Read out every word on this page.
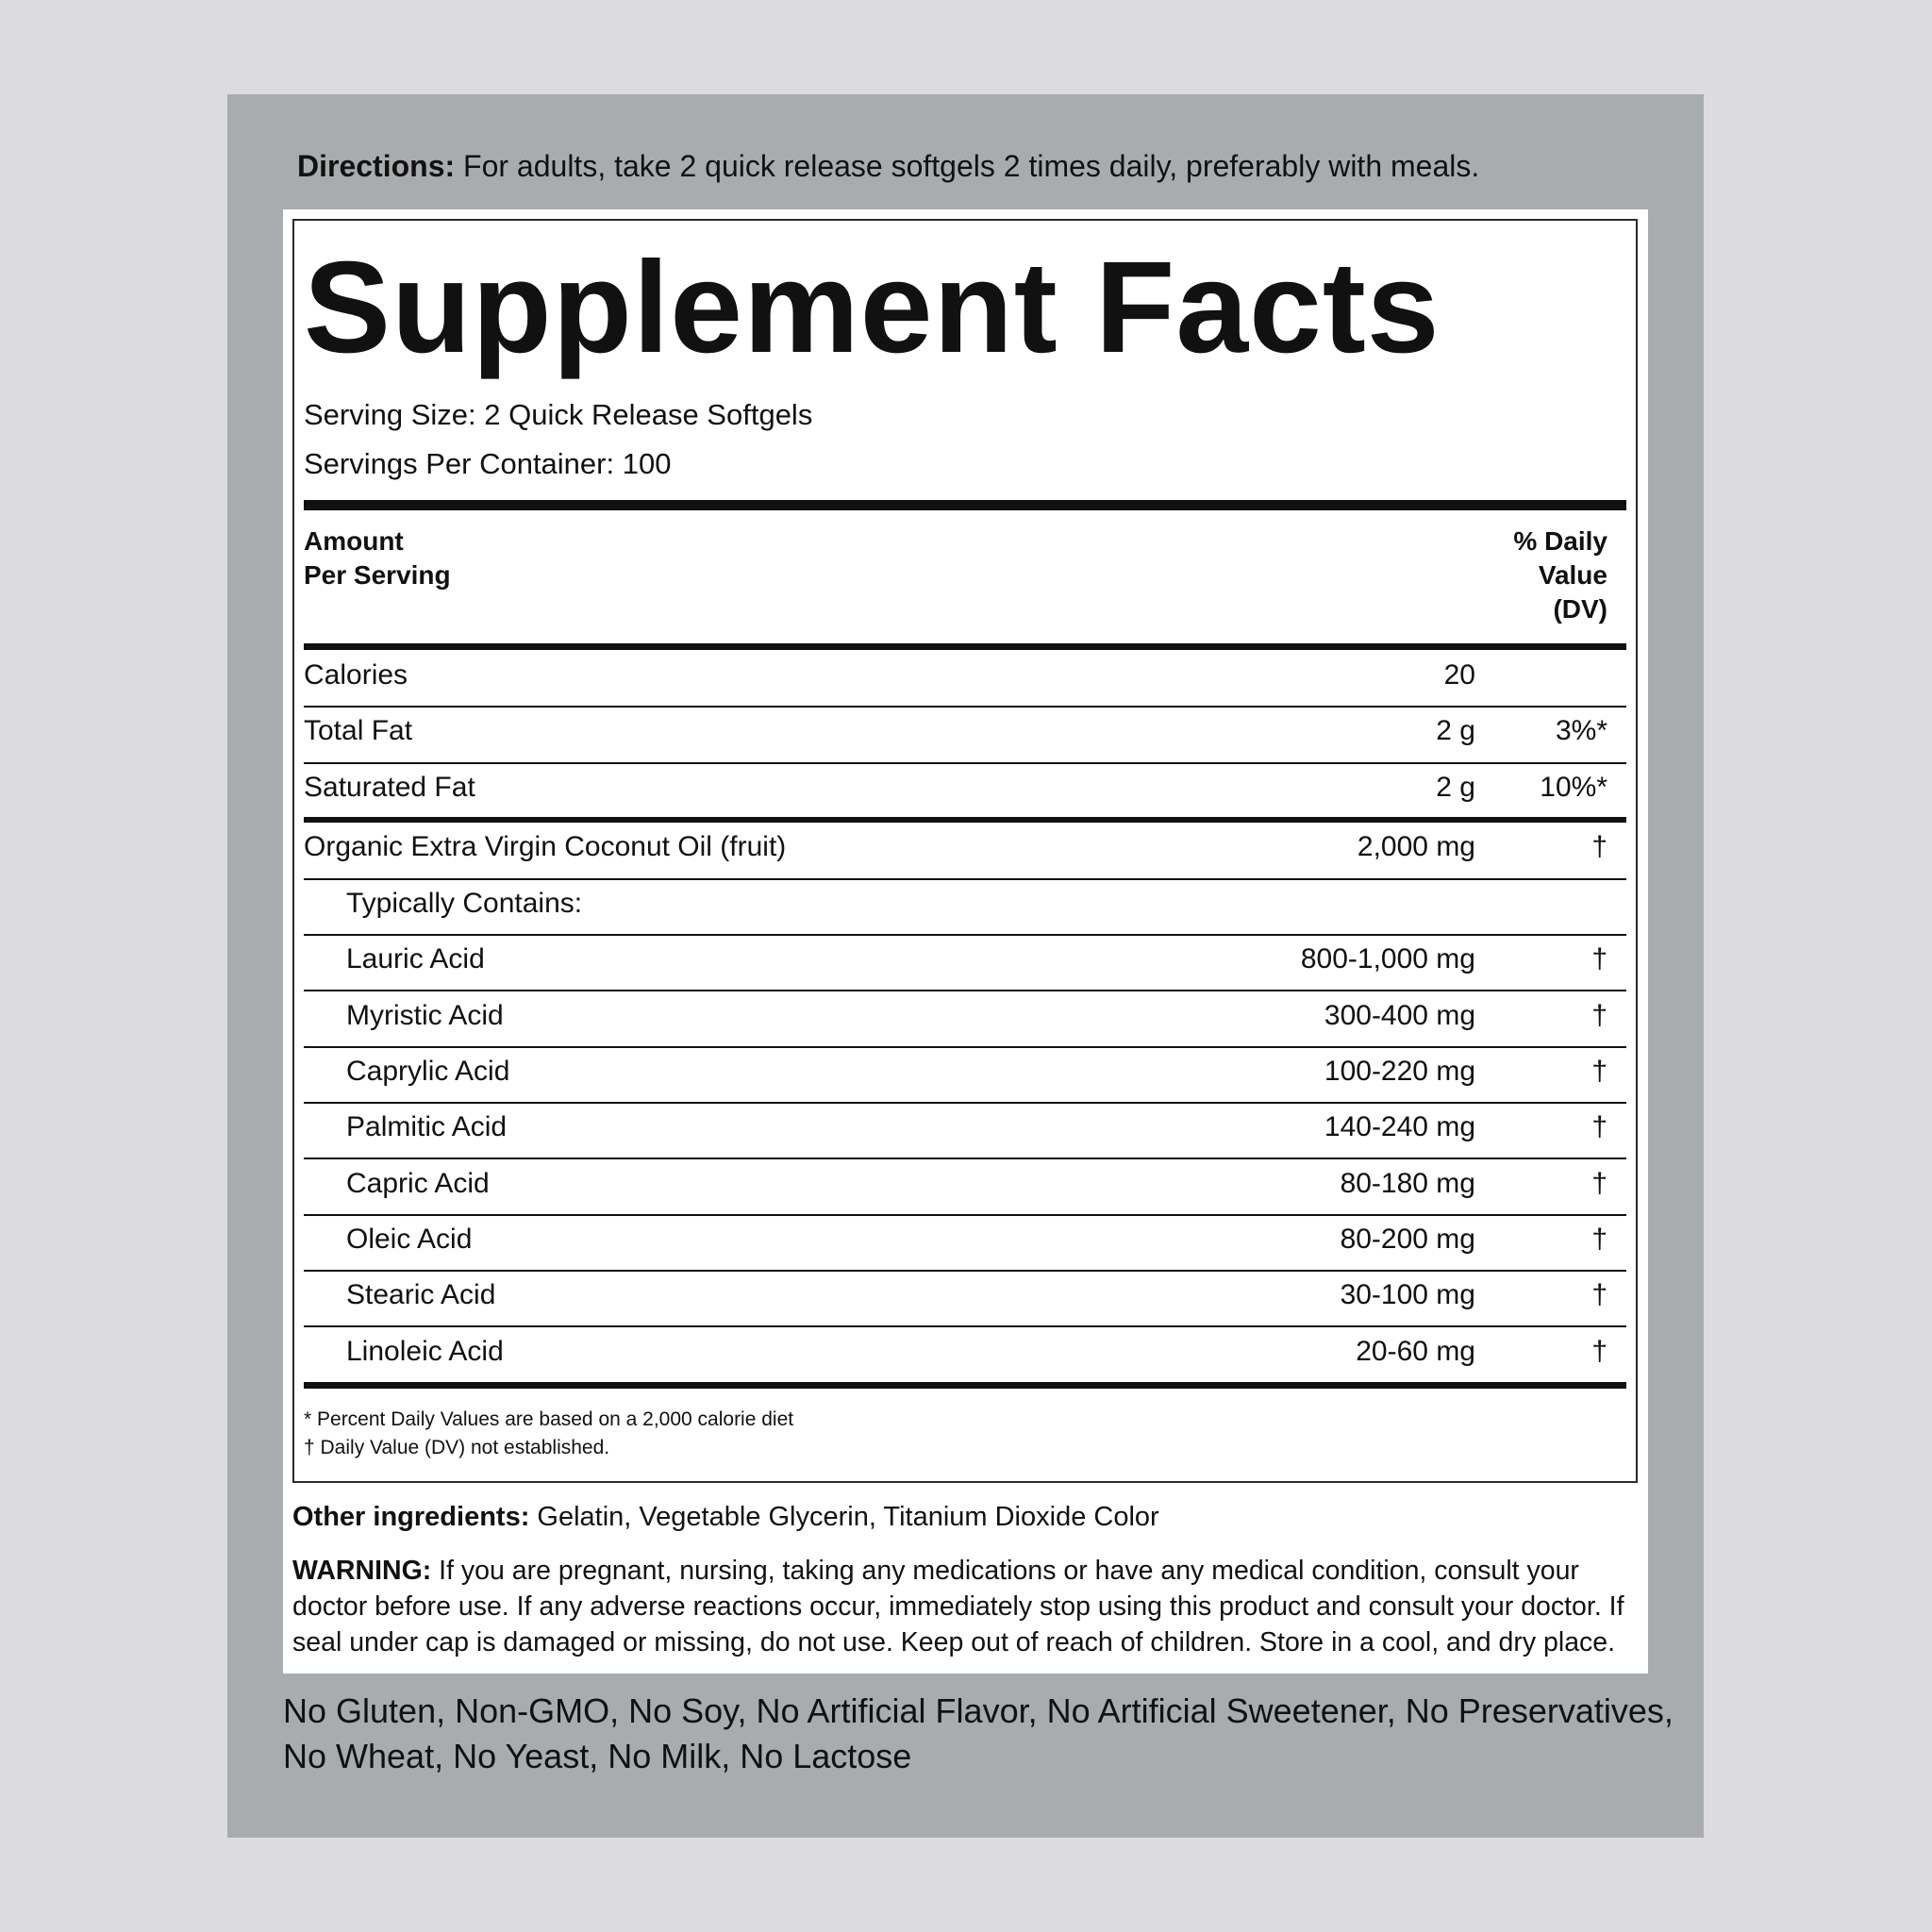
Directions: For adults, take 2 quick release softgels 2 times daily, preferably with meals.
Supplement Facts
Serving Size: 2 Quick Release Softgels
Servings Per Container: 100
Amount
Per Serving
% Daily
Value
(DV)
Calories	20
Total Fat	2 g	3%*
Saturated Fat	2 g 10%*
Organic Extra Virgin Coconut Oil (fruit)	2,000 mg	†
Typically Contains:
Lauric Acid	800-1,000 mg	†
Myristic Acid	300-400 mg	†
Caprylic Acid	100-220 mg	†
Palmitic Acid	140-240 mg	†
Capric Acid	80-180 mg	†
Oleic Acid	80-200 mg	†
Stearic Acid	30-100 mg	†
Linoleic Acid	20-60 mg	†
* Percent Daily Values are based on a 2,000 calorie diet
† Daily Value (DV) not established.
Other ingredients: Gelatin, Vegetable Glycerin, Titanium Dioxide Color
WARNING: If you are pregnant, nursing, taking any medications or have any medical condition, consult your doctor before use. If any adverse reactions occur, immediately stop using this product and consult your doctor. If seal under cap is damaged or missing, do not use. Keep out of reach of children. Store in a cool, and dry place.
No Gluten, Non-GMO, No Soy, No Artificial Flavor, No Artificial Sweetener, No Preservatives, No Wheat, No Yeast, No Milk, No Lactose
